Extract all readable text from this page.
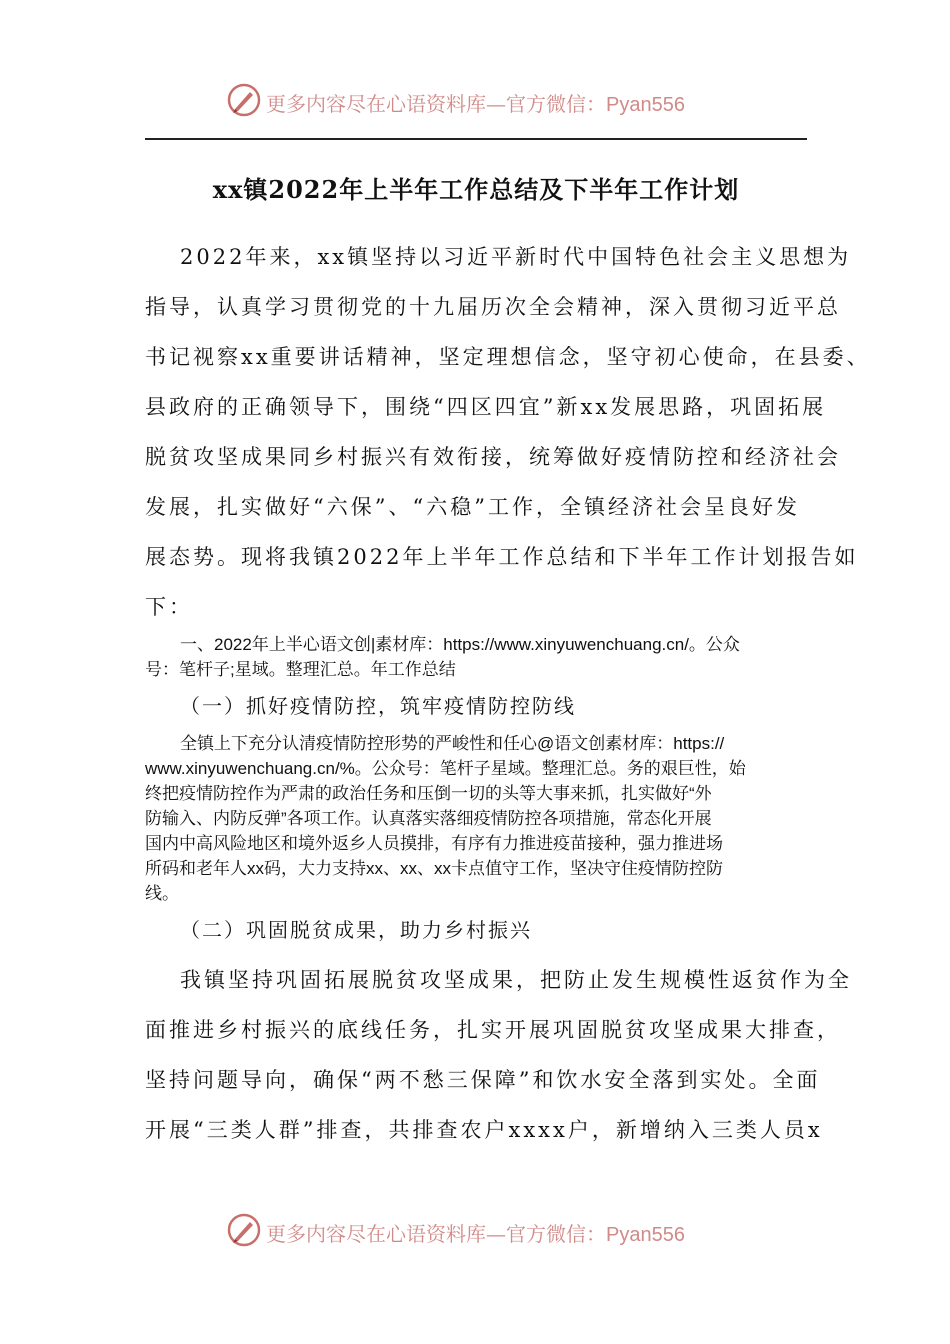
更多内容尽在心语资料库—官方微信：Pyan556
xx镇2022年上半年工作总结及下半年工作计划
2022年来，xx镇坚持以习近平新时代中国特色社会主义思想为
指导，认真学习贯彻党的十九届历次全会精神，深入贯彻习近平总
书记视察xx重要讲话精神，坚定理想信念，坚守初心使命，在县委、
县政府的正确领导下，围绕“四区四宜”新xx发展思路，巩固拓展
脱贫攻坚成果同乡村振兴有效衔接，统筹做好疫情防控和经济社会
发展，扎实做好“六保”、“六稳”工作，全镇经济社会呈良好发
展态势。现将我镇2022年上半年工作总结和下半年工作计划报告如
下：
一、2022年上半心语文创|素材库：https://www.xinyuwenchuang.cn/。公众
号：笔杆子;星域。整理汇总。年工作总结
（一）抓好疫情防控，筑牢疫情防控防线
全镇上下充分认清疫情防控形势的严峻性和任心@语文创素材库：https://
www.xinyuwenchuang.cn/%。公众号：笔杆子星域。整理汇总。务的艰巨性，始
终把疫情防控作为严肃的政治任务和压倒一切的头等大事来抓，扎实做好“外
防输入、内防反弹”各项工作。认真落实落细疫情防控各项措施，常态化开展
国内中高风险地区和境外返乡人员摸排，有序有力推进疫苗接种，强力推进场
所码和老年人xx码，大力支持xx、xx、xx卡点值守工作，坚决守住疫情防控防
线。
（二）巩固脱贫成果，助力乡村振兴
我镇坚持巩固拓展脱贫攻坚成果，把防止发生规模性返贫作为全
面推进乡村振兴的底线任务，扎实开展巩固脱贫攻坚成果大排查，
坚持问题导向，确保“两不愁三保障”和饮水安全落到实处。全面
开展“三类人群”排查，共排查农户xxxx户，新增纳入三类人员x
更多内容尽在心语资料库—官方微信：Pyan556
